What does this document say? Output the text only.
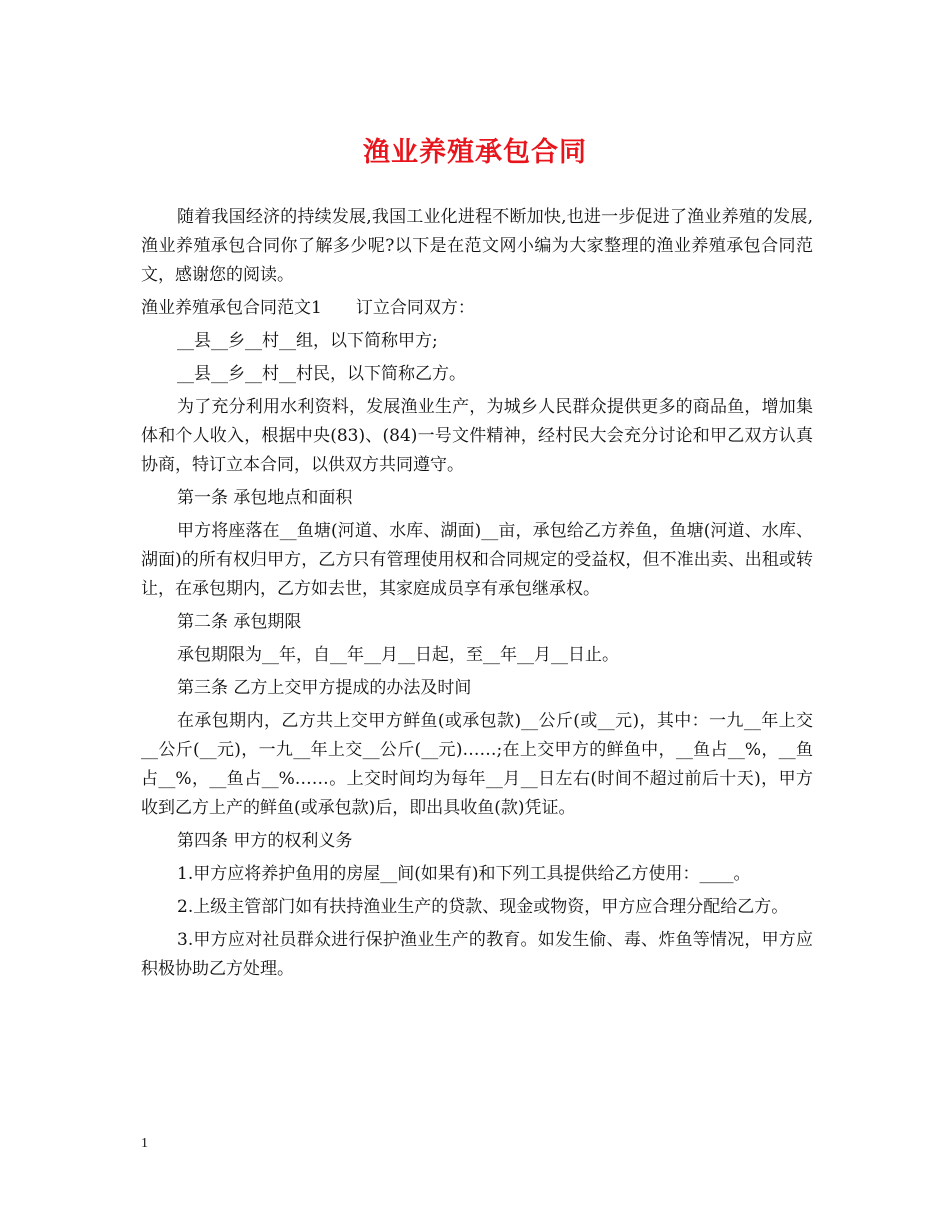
渔业养殖承包合同

随着我国经济的持续发展,我国工业化进程不断加快,也进一步促进了渔业养殖的发展,渔业养殖承包合同你了解多少呢?以下是在范文网小编为大家整理的渔业养殖承包合同范文，感谢您的阅读。

渔业养殖承包合同范文1　　订立合同双方：

__县__乡__村__组，以下简称甲方;

__县__乡__村__村民，以下简称乙方。

为了充分利用水利资料，发展渔业生产，为城乡人民群众提供更多的商品鱼，增加集体和个人收入，根据中央(83)、(84)一号文件精神，经村民大会充分讨论和甲乙双方认真协商，特订立本合同，以供双方共同遵守。

第一条 承包地点和面积

甲方将座落在__鱼塘(河道、水库、湖面)__亩，承包给乙方养鱼，鱼塘(河道、水库、湖面)的所有权归甲方，乙方只有管理使用权和合同规定的受益权，但不准出卖、出租或转让，在承包期内，乙方如去世，其家庭成员享有承包继承权。

第二条 承包期限

承包期限为__年，自__年__月__日起，至__年__月__日止。

第三条 乙方上交甲方提成的办法及时间

在承包期内，乙方共上交甲方鲜鱼(或承包款)__公斤(或__元)，其中：一九__年上交__公斤(__元)，一九__年上交__公斤(__元)……;在上交甲方的鲜鱼中，__鱼占__%，__鱼占__%，__鱼占__%……。上交时间均为每年__月__日左右(时间不超过前后十天)，甲方收到乙方上产的鲜鱼(或承包款)后，即出具收鱼(款)凭证。

第四条 甲方的权利义务

1.甲方应将养护鱼用的房屋__间(如果有)和下列工具提供给乙方使用：____。

2.上级主管部门如有扶持渔业生产的贷款、现金或物资，甲方应合理分配给乙方。

3.甲方应对社员群众进行保护渔业生产的教育。如发生偷、毒、炸鱼等情况，甲方应积极协助乙方处理。

1
